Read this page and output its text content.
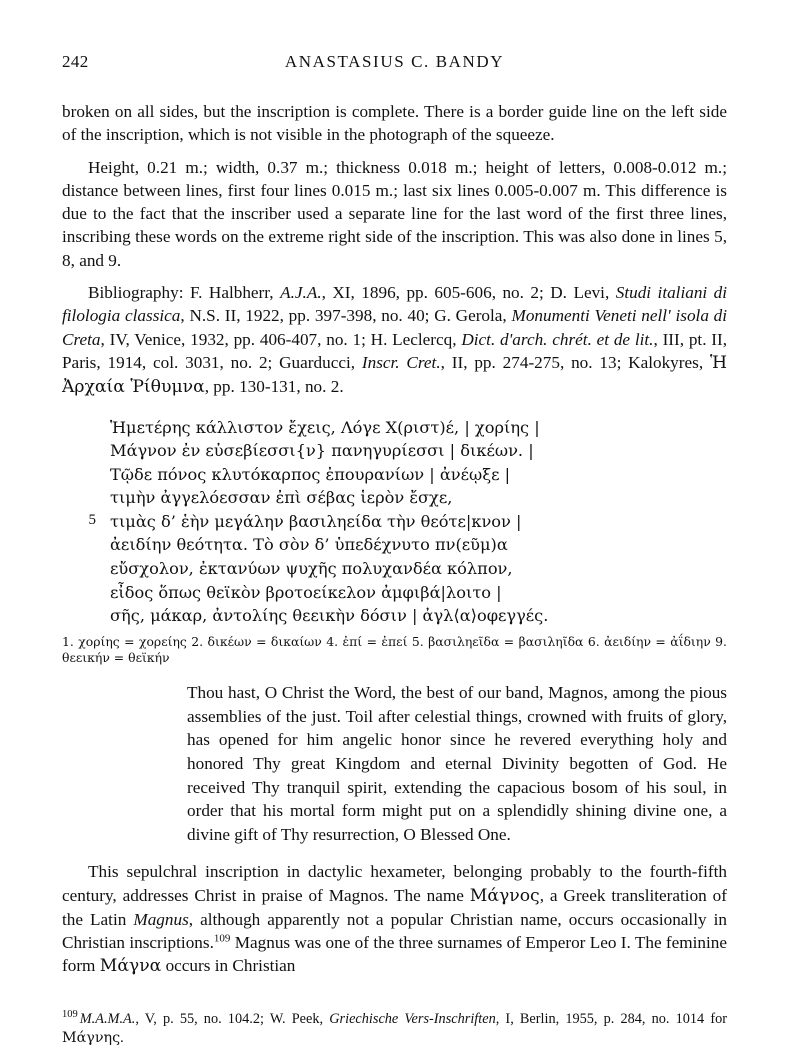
242	ANASTASIUS C. BANDY

broken on all sides, but the inscription is complete. There is a border guide line on the left side of the inscription, which is not visible in the photograph of the squeeze.

Height, 0.21 m.; width, 0.37 m.; thickness 0.018 m.; height of letters, 0.008-0.012 m.; distance between lines, first four lines 0.015 m.; last six lines 0.005-0.007 m. This difference is due to the fact that the inscriber used a separate line for the last word of the first three lines, inscribing these words on the extreme right side of the inscription. This was also done in lines 5, 8, and 9.

Bibliography: F. Halbherr, A.J.A., XI, 1896, pp. 605-606, no. 2; D. Levi, Studi italiani di filologia classica, N.S. II, 1922, pp. 397-398, no. 40; G. Gerola, Monumenti Veneti nell' isola di Creta, IV, Venice, 1932, pp. 406-407, no. 1; H. Leclercq, Dict. d'arch. chrét. et de lit., III, pt. II, Paris, 1914, col. 3031, no. 2; Guarducci, Inscr. Cret., II, pp. 274-275, no. 13; Kalokyres, Ἡ Ἀρχαία Ῥίθυμνα, pp. 130-131, no. 2.

Ἡμετέρης κάλλιστον ἔχεις, Λόγε Χ(ριστ)έ, | χορίης |
Μάγνον ἐν εὐσεβίεσσι{ν} πανηγυρίεσσι | δικέων. |
Τῷδε πόνος κλυτόκαρπος ἐπουρανίων | ἀνέῳξε |
τιμὴν ἀγγελόεσσαν ἐπὶ σέβας ἱερὸν ἔσχε,
5 τιμὰς δ’ ἑὴν μεγάλην βασιληείδα τὴν θεότε|κνον |
ἀειδίην θεότητα. Τὸ σὸν δ’ ὑπεδέχνυτο πν(εῦμ)α
εὔσχολον, ἐκτανύων ψυχῆς πολυχανδέα κόλπον,
εἶδος ὅπως θεϊκὸν βροτοείκελον ἀμφιβά|λοιτο |
σῆς, μάκαρ, ἀντολίης θεεικὴν δόσιν | ἀγλ⟨α⟩οφεγγές.
1. χορίης = χορείης 2. δικέων = δικαίων 4. ἐπί = ἐπεί 5. βασιληεῖδα = βασιληῖδα 6. ἀειδίην = ἀΐδιην 9. θεεικήν = θεϊκήν

Thou hast, O Christ the Word, the best of our band, Magnos, among the pious assemblies of the just. Toil after celestial things, crowned with fruits of glory, has opened for him angelic honor since he revered everything holy and honored Thy great Kingdom and eternal Divinity begotten of God. He received Thy tranquil spirit, extending the capacious bosom of his soul, in order that his mortal form might put on a splendidly shining divine one, a divine gift of Thy resurrection, O Blessed One.

This sepulchral inscription in dactylic hexameter, belonging probably to the fourth-fifth century, addresses Christ in praise of Magnos. The name Μάγνος, a Greek transliteration of the Latin Magnus, although apparently not a popular Christian name, occurs occasionally in Christian inscriptions.$^{109}$ Magnus was one of the three surnames of Emperor Leo I. The feminine form Μάγνα occurs in Christian

$^{109}$ M.A.M.A., V, p. 55, no. 104.2; W. Peek, Griechische Vers-Inschriften, I, Berlin, 1955, p. 284, no. 1014 for Μάγνης.
